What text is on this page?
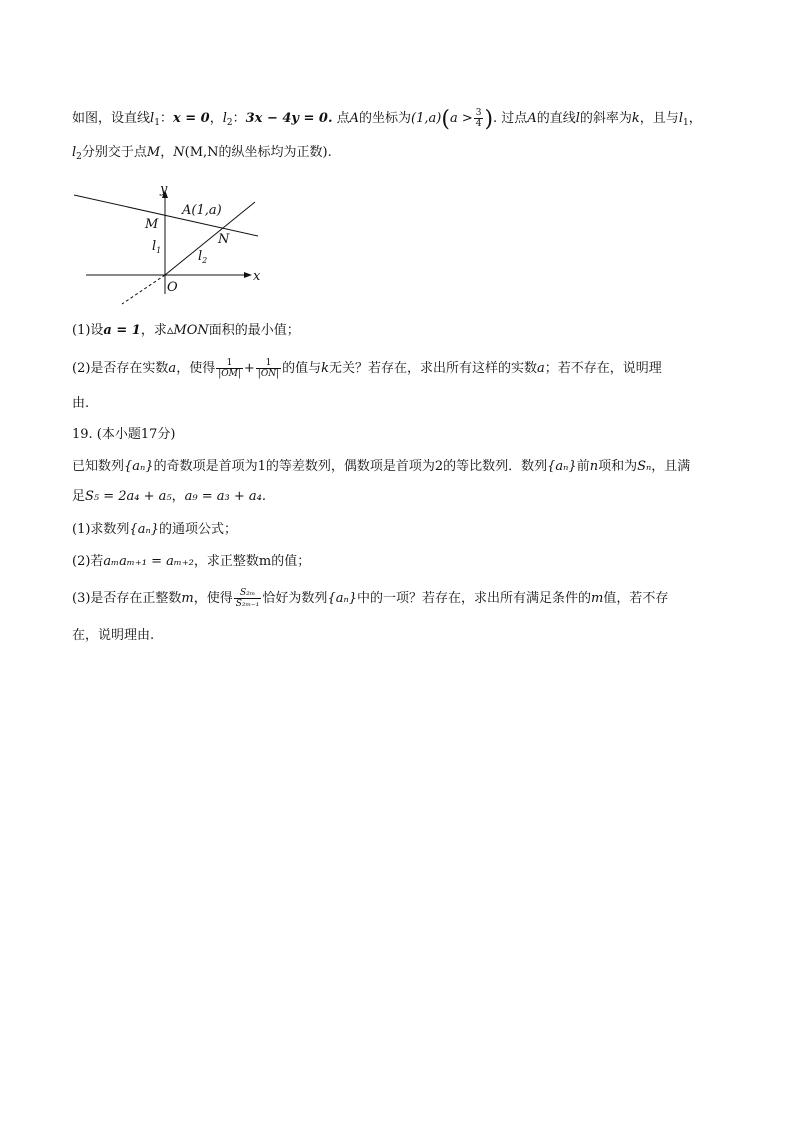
如图，设直线$l_1$：x = 0，$l_2$：3x − 4y = 0. 点A的坐标为$(1,a)(a > \frac{3}{4}$ ). 过点A的直线l的斜率为k，且与$l_1$，
$l_2$分别交于点M，N(M,N的纵坐标均为正数).
y
x
A(1,a)
M
N
O
$l_1$	$l_2$
(1)设a = 1，求▵MON面积的最小值；
(2)是否存在实数a，使得 $\frac{1}{|OM|} + \frac{1}{|ON|}$ 的值与k无关？若存在，求出所有这样的实数a；若不存在，说明理
由.
19. (本小题17分)
已知数列{aₙ}的奇数项是首项为1的等差数列，偶数项是首项为2的等比数列．数列{aₙ}前n项和为Sₙ，且满
足S₅ = 2a₄ + a₅，a₉ = a₃ + a₄.
(1)求数列{aₙ}的通项公式；
(2)若aₘaₘ₊₁ = aₘ₊₂，求正整数m的值；
(3)是否存在正整数m，使得 $\frac{\text{S₂ₘ}}{\text{S₂ₘ₋₁}}$ 恰好为数列{aₙ}中的一项？若存在，求出所有满足条件的m值，若不存
在，说明理由.
